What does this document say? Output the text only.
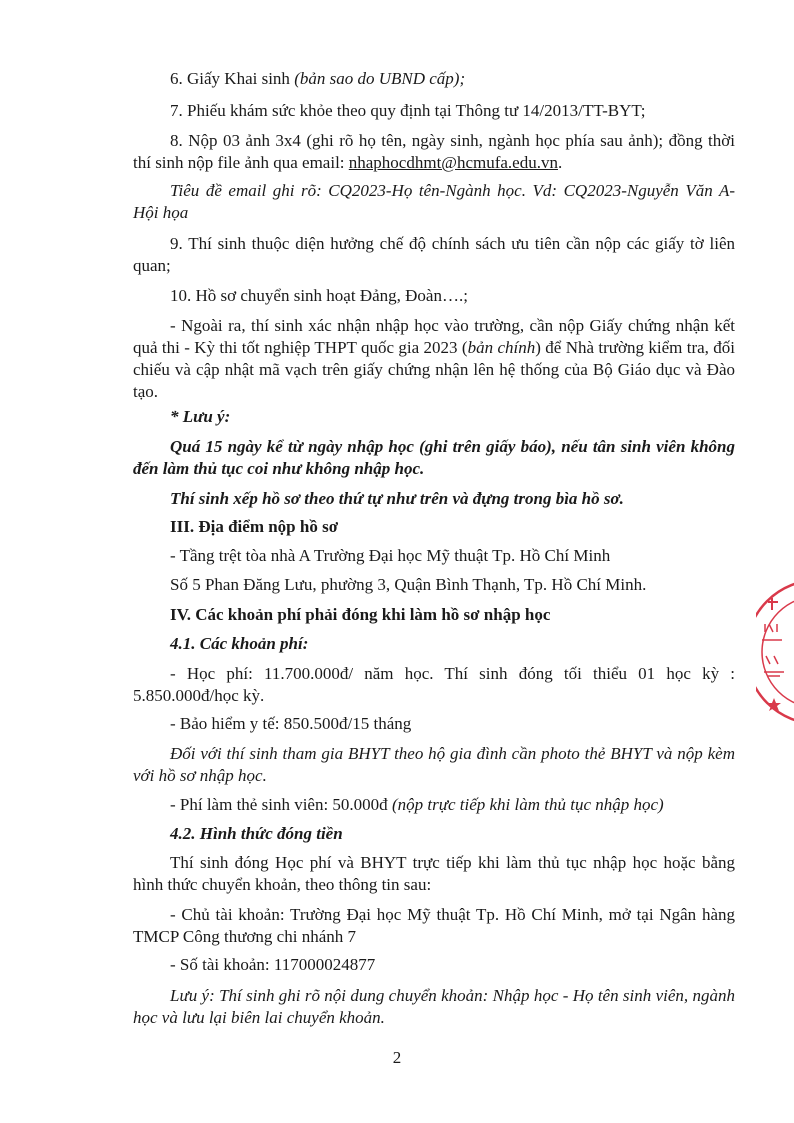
6. Giấy Khai sinh (bản sao do UBND cấp);

7. Phiếu khám sức khỏe theo quy định tại Thông tư 14/2013/TT-BYT;

8. Nộp 03 ảnh 3x4 (ghi rõ họ tên, ngày sinh, ngành học phía sau ảnh); đồng thời thí sinh nộp file ảnh qua email: nhaphocdhmt@hcmufa.edu.vn.

Tiêu đề email ghi rõ: CQ2023-Họ tên-Ngành học. Vd: CQ2023-Nguyễn Văn A- Hội họa

9. Thí sinh thuộc diện hưởng chế độ chính sách ưu tiên cần nộp các giấy tờ liên quan;

10. Hồ sơ chuyển sinh hoạt Đảng, Đoàn….;

- Ngoài ra, thí sinh xác nhận nhập học vào trường, cần nộp Giấy chứng nhận kết quả thi - Kỳ thi tốt nghiệp THPT quốc gia 2023 (bản chính) để Nhà trường kiểm tra, đối chiếu và cập nhật mã vạch trên giấy chứng nhận lên hệ thống của Bộ Giáo dục và Đào tạo.

* Lưu ý:

Quá 15 ngày kể từ ngày nhập học (ghi trên giấy báo), nếu tân sinh viên không đến làm thủ tục coi như không nhập học.

Thí sinh xếp hồ sơ theo thứ tự như trên và đựng trong bìa hồ sơ.

III. Địa điểm nộp hồ sơ

- Tầng trệt tòa nhà A Trường Đại học Mỹ thuật Tp. Hồ Chí Minh

Số 5 Phan Đăng Lưu, phường 3, Quận Bình Thạnh, Tp. Hồ Chí Minh.

IV. Các khoản phí phải đóng khi làm hồ sơ nhập học

4.1. Các khoản phí:

- Học phí: 11.700.000đ/ năm học. Thí sinh đóng tối thiểu 01 học kỳ : 5.850.000đ/học kỳ.

- Bảo hiểm y tế: 850.500đ/15 tháng

Đối với thí sinh tham gia BHYT theo hộ gia đình cần photo thẻ BHYT và nộp kèm với hồ sơ nhập học.

- Phí làm thẻ sinh viên: 50.000đ (nộp trực tiếp khi làm thủ tục nhập học)

4.2. Hình thức đóng tiền

Thí sinh đóng Học phí và BHYT trực tiếp khi làm thủ tục nhập học hoặc bằng hình thức chuyển khoản, theo thông tin sau:

- Chủ tài khoản: Trường Đại học Mỹ thuật Tp. Hồ Chí Minh, mở tại Ngân hàng TMCP Công thương chi nhánh 7

- Số tài khoản: 117000024877

Lưu ý: Thí sinh ghi rõ nội dung chuyển khoản: Nhập học - Họ tên sinh viên, ngành học và lưu lại biên lai chuyển khoản.

2
